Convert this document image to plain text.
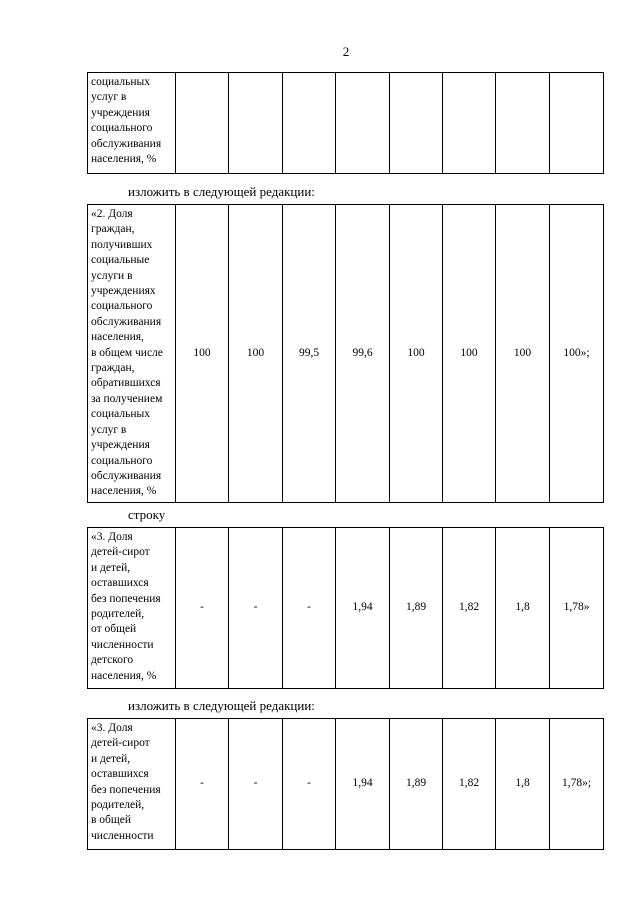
2
социальных
услуг в
учреждения
социального
обслуживания
населения, %

изложить в следующей редакции:
«2. Доля
граждан,
получивших
социальные
услуги в
учреждениях
социального
обслуживания
населения,
в общем числе
граждан,
обратившихся
за получением
социальных
услуг в
учреждения
социального
обслуживания
населения, %
	100	100	99,5	99,6	100	100	100	100»;
строку
«3. Доля
детей-сирот
и детей,
оставшихся
без попечения
родителей,
от общей
численности
детского
населения, %
	-	-	-	1,94	1,89	1,82	1,8	1,78»
изложить в следующей редакции:
«3. Доля
детей-сирот
и детей,
оставшихся
без попечения
родителей,
в общей
численности
	-	-	-	1,94	1,89	1,82	1,8	1,78»;
